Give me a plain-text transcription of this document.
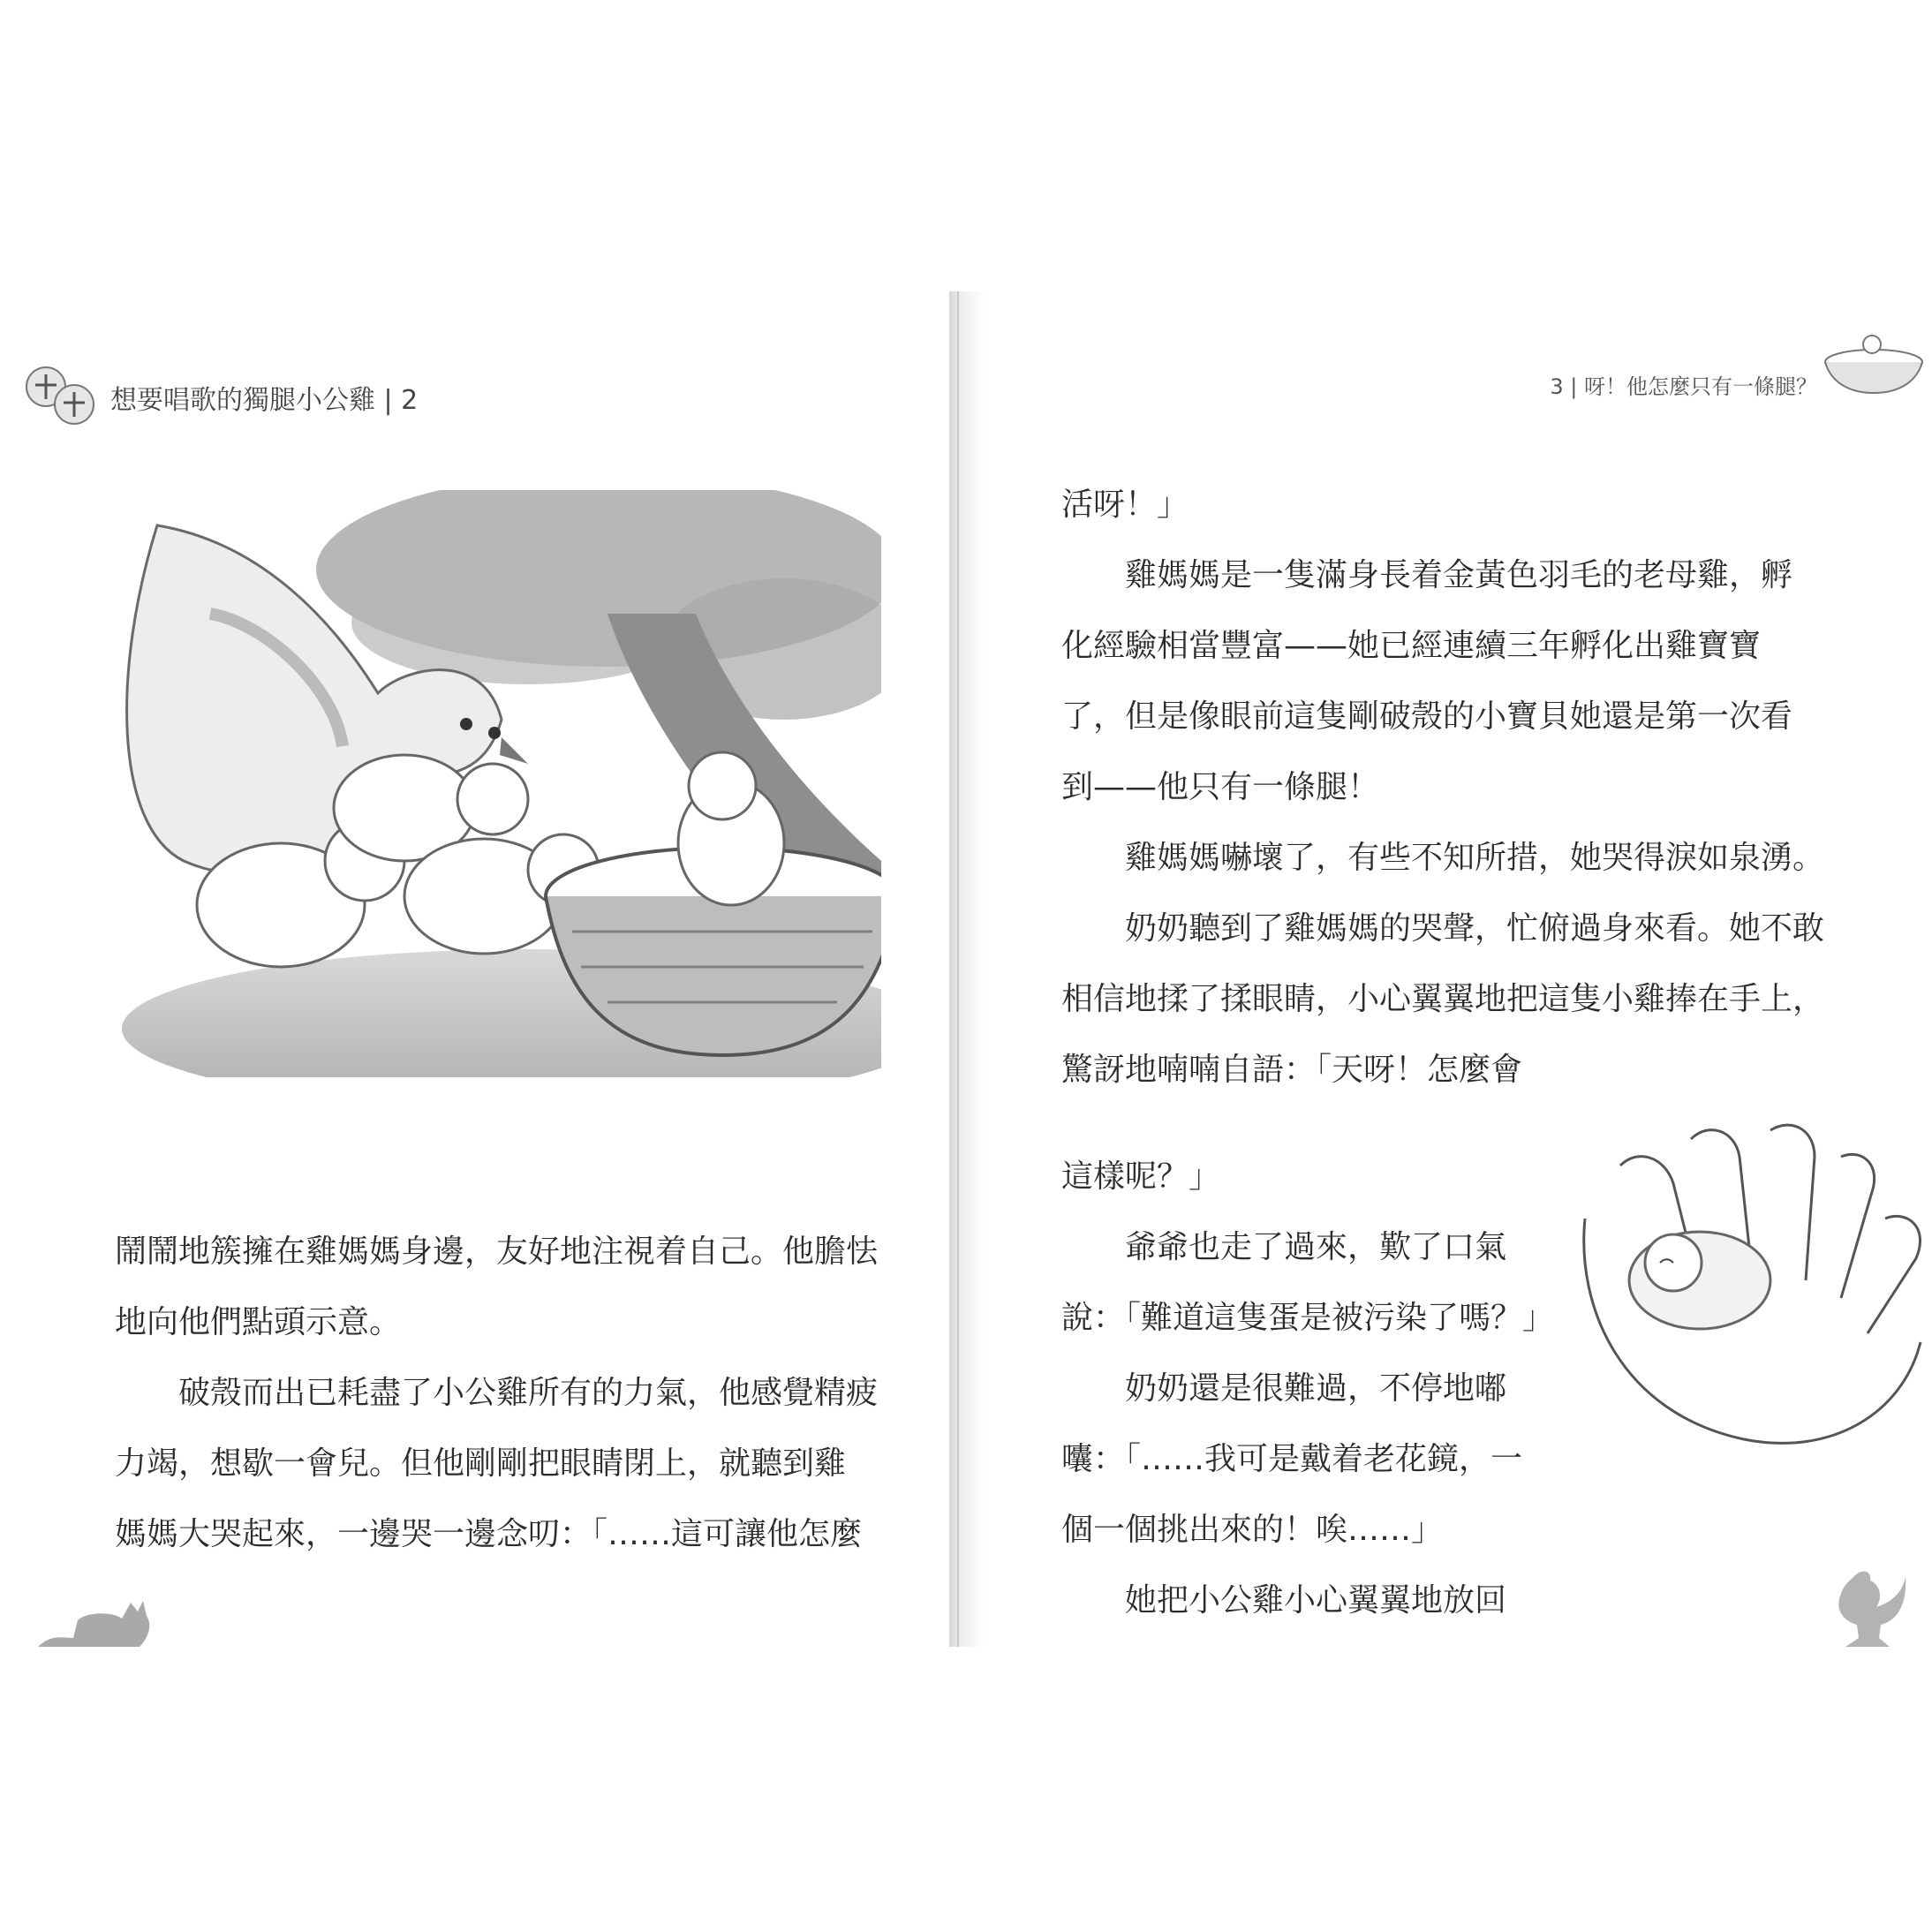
想要唱歌的獨腿小公雞 | 2

鬧鬧地簇擁在雞媽媽身邊，友好地注視着自己。他膽怯

地向他們點頭示意。

破殼而出已耗盡了小公雞所有的力氣，他感覺精疲

力竭，想歇一會兒。但他剛剛把眼睛閉上，就聽到雞

媽媽大哭起來，一邊哭一邊念叨：「……這可讓他怎麼

3 | 呀！他怎麼只有一條腿？

活呀！」

雞媽媽是一隻滿身長着金黃色羽毛的老母雞，孵

化經驗相當豐富——她已經連續三年孵化出雞寶寶

了，但是像眼前這隻剛破殼的小寶貝她還是第一次看

到——他只有一條腿！

雞媽媽嚇壞了，有些不知所措，她哭得淚如泉湧。

奶奶聽到了雞媽媽的哭聲，忙俯過身來看。她不敢

相信地揉了揉眼睛，小心翼翼地把這隻小雞捧在手上，

驚訝地喃喃自語：「天呀！怎麼會

這樣呢？」

爺爺也走了過來，歎了口氣

說：「難道這隻蛋是被污染了嗎？」

奶奶還是很難過，不停地嘟

囔：「……我可是戴着老花鏡，一

個一個挑出來的！唉……」

她把小公雞小心翼翼地放回
